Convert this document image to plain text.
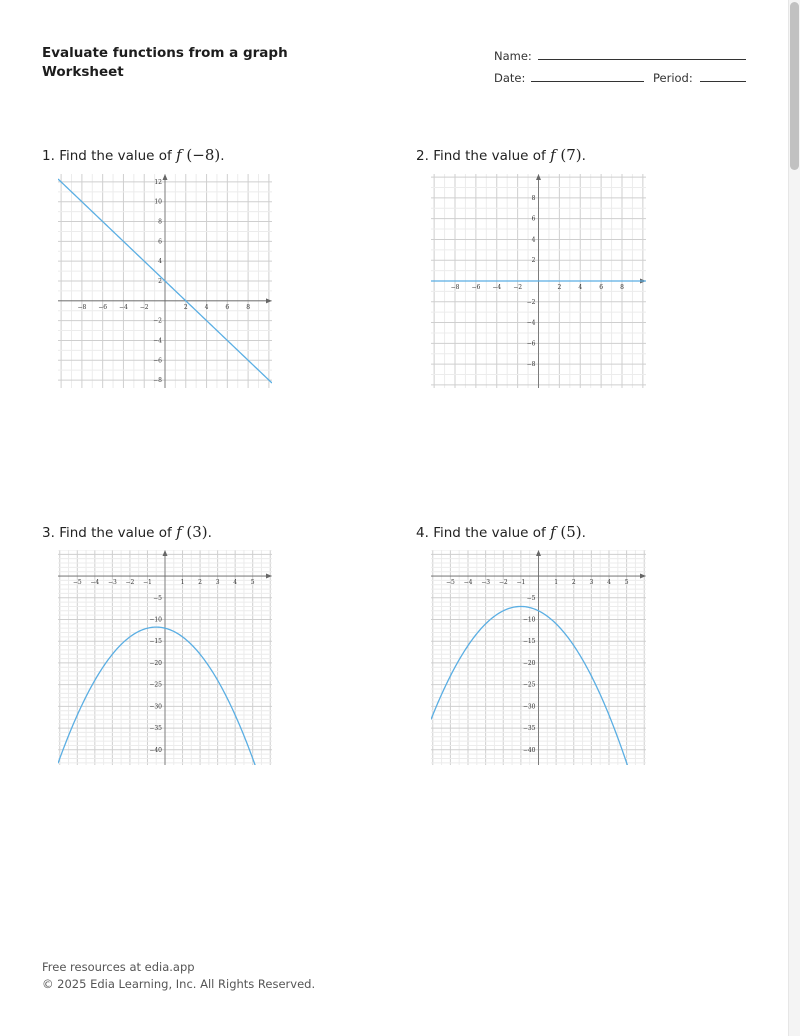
Evaluate functions from a graph
Worksheet
Name:
Date:	Period:
1. Find the value of f (−8).	2. Find the value of f (7).
3. Find the value of f (3).	4. Find the value of f (5).
−8 −6 −4 −2	2	4	6	8
−8
−6
−4
−2
2
4
6
8
10
12
−8 −6 −4 −2	2	4	6	8
−8
−6
−4
−2
2
4
6
8
−5 −4 −3 −2 −1	1 2 3 4 5
−5
−10
−15
−20
−25
−30
−35
−40
−5 −4 −3 −2 −1	1 2 3 4 5
−5
−10
−15
−20
−25
−30
−35
−40
Free resources at edia.app
© 2025 Edia Learning, Inc. All Rights Reserved.
